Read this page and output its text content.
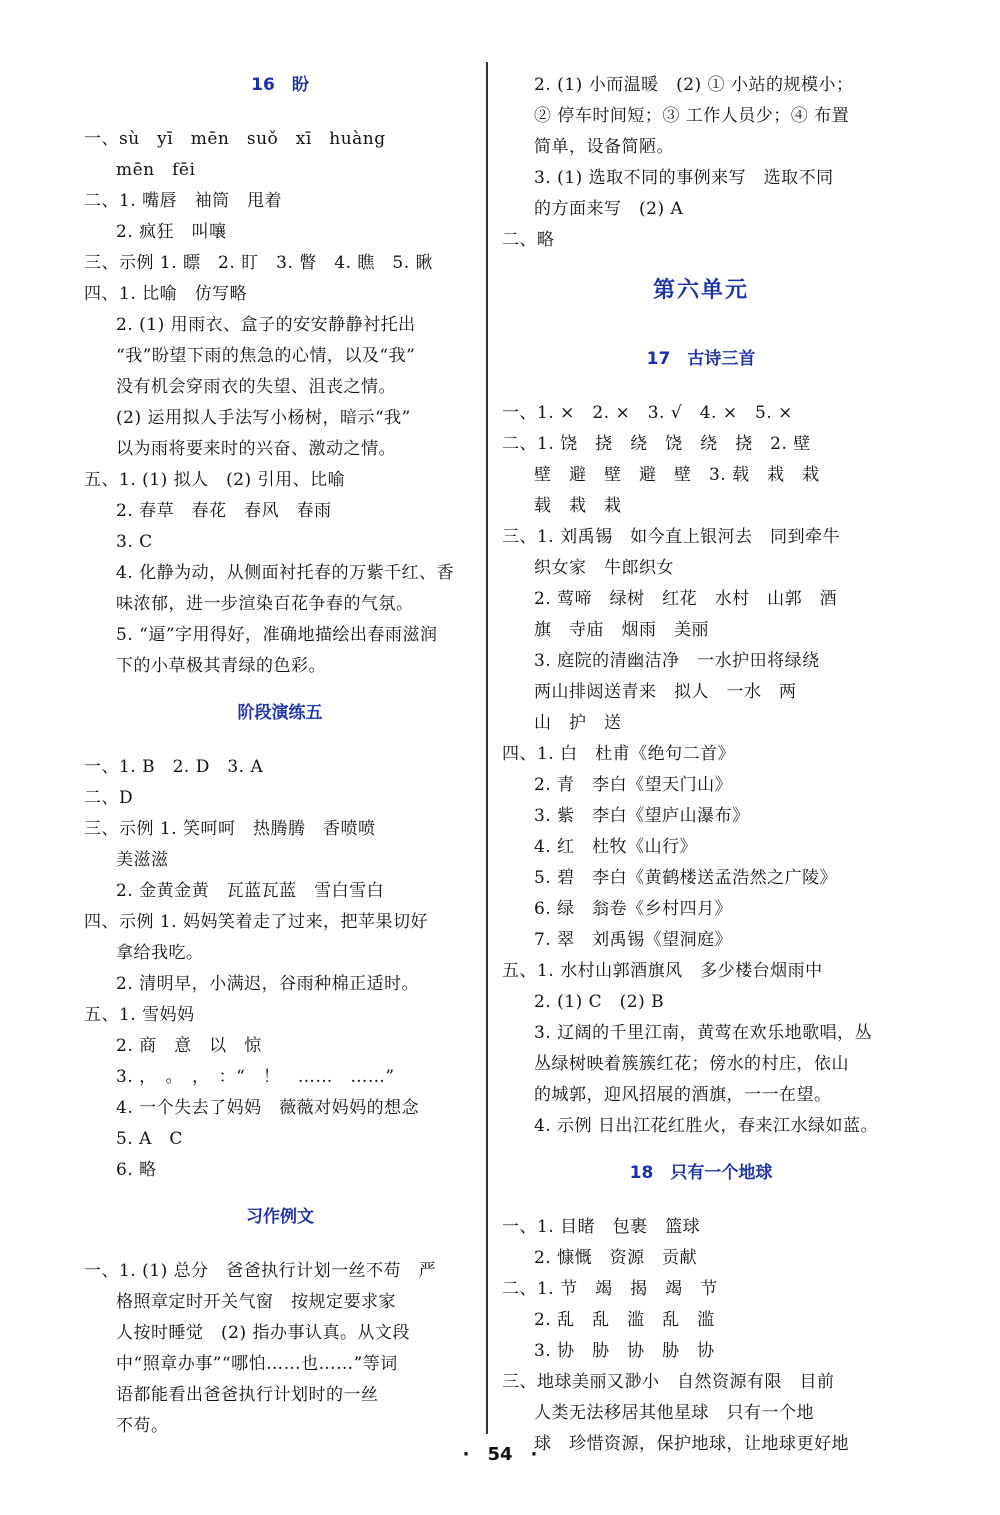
16　盼
一、sù　yī　mēn　suǒ　xī　huàng
mēn　fēi
二、1. 嘴唇　袖筒　甩着
2. 疯狂　叫嚷
三、示例 1. 瞟　2. 盯　3. 瞥　4. 瞧　5. 瞅
四、1. 比喻　仿写略
2. (1) 用雨衣、盒子的安安静静衬托出
“我”盼望下雨的焦急的心情，以及“我”
没有机会穿雨衣的失望、沮丧之情。
(2) 运用拟人手法写小杨树，暗示“我”
以为雨将要来时的兴奋、激动之情。
五、1. (1) 拟人　(2) 引用、比喻
2. 春草　春花　春风　春雨
3. C
4. 化静为动，从侧面衬托春的万紫千红、香
味浓郁，进一步渲染百花争春的气氛。
5. “逼”字用得好，准确地描绘出春雨滋润
下的小草极其青绿的色彩。
阶段演练五
一、1. B　2. D　3. A
二、D
三、示例 1. 笑呵呵　热腾腾　香喷喷
美滋滋
2. 金黄金黄　瓦蓝瓦蓝　雪白雪白
四、示例 1. 妈妈笑着走了过来，把苹果切好
拿给我吃。
2. 清明早，小满迟，谷雨种棉正适时。
五、1. 雪妈妈
2. 商　意　以　惊
3. ，　。　，　：“　！　……　……”
4. 一个失去了妈妈　薇薇对妈妈的想念
5. A　C
6. 略
习作例文
一、1. (1) 总分　爸爸执行计划一丝不苟　严
格照章定时开关气窗　按规定要求家
人按时睡觉　(2) 指办事认真。从文段
中“照章办事”“哪怕……也……”等词
语都能看出爸爸执行计划时的一丝
不苟。
2. (1) 小而温暖　(2) ① 小站的规模小；
② 停车时间短；③ 工作人员少；④ 布置
简单，设备简陋。
3. (1) 选取不同的事例来写　选取不同
的方面来写　(2) A
二、略
第六单元
17　古诗三首
一、1. ×　2. ×　3. √　4. ×　5. ×
二、1. 饶　挠　绕　饶　绕　挠　2. 壁
壁　避　壁　避　壁　3. 载　栽　栽
载　栽　栽
三、1. 刘禹锡　如今直上银河去　同到牵牛
织女家　牛郎织女
2. 莺啼　绿树　红花　水村　山郭　酒
旗　寺庙　烟雨　美丽
3. 庭院的清幽洁净　一水护田将绿绕
两山排闼送青来　拟人　一水　两
山　护　送
四、1. 白　杜甫《绝句二首》
2. 青　李白《望天门山》
3. 紫　李白《望庐山瀑布》
4. 红　杜牧《山行》
5. 碧　李白《黄鹤楼送孟浩然之广陵》
6. 绿　翁卷《乡村四月》
7. 翠　刘禹锡《望洞庭》
五、1. 水村山郭酒旗风　多少楼台烟雨中
2. (1) C　(2) B
3. 辽阔的千里江南，黄莺在欢乐地歌唱，丛
丛绿树映着簇簇红花；傍水的村庄，依山
的城郭，迎风招展的酒旗，一一在望。
4. 示例 日出江花红胜火，春来江水绿如蓝。
18　只有一个地球
一、1. 目睹　包裹　篮球
2. 慷慨　资源　贡献
二、1. 节　竭　揭　竭　节
2. 乱　乱　滥　乱　滥
3. 协　胁　协　胁　协
三、地球美丽又渺小　自然资源有限　目前
人类无法移居其他星球　只有一个地
球　珍惜资源，保护地球，让地球更好地
·　54　·
